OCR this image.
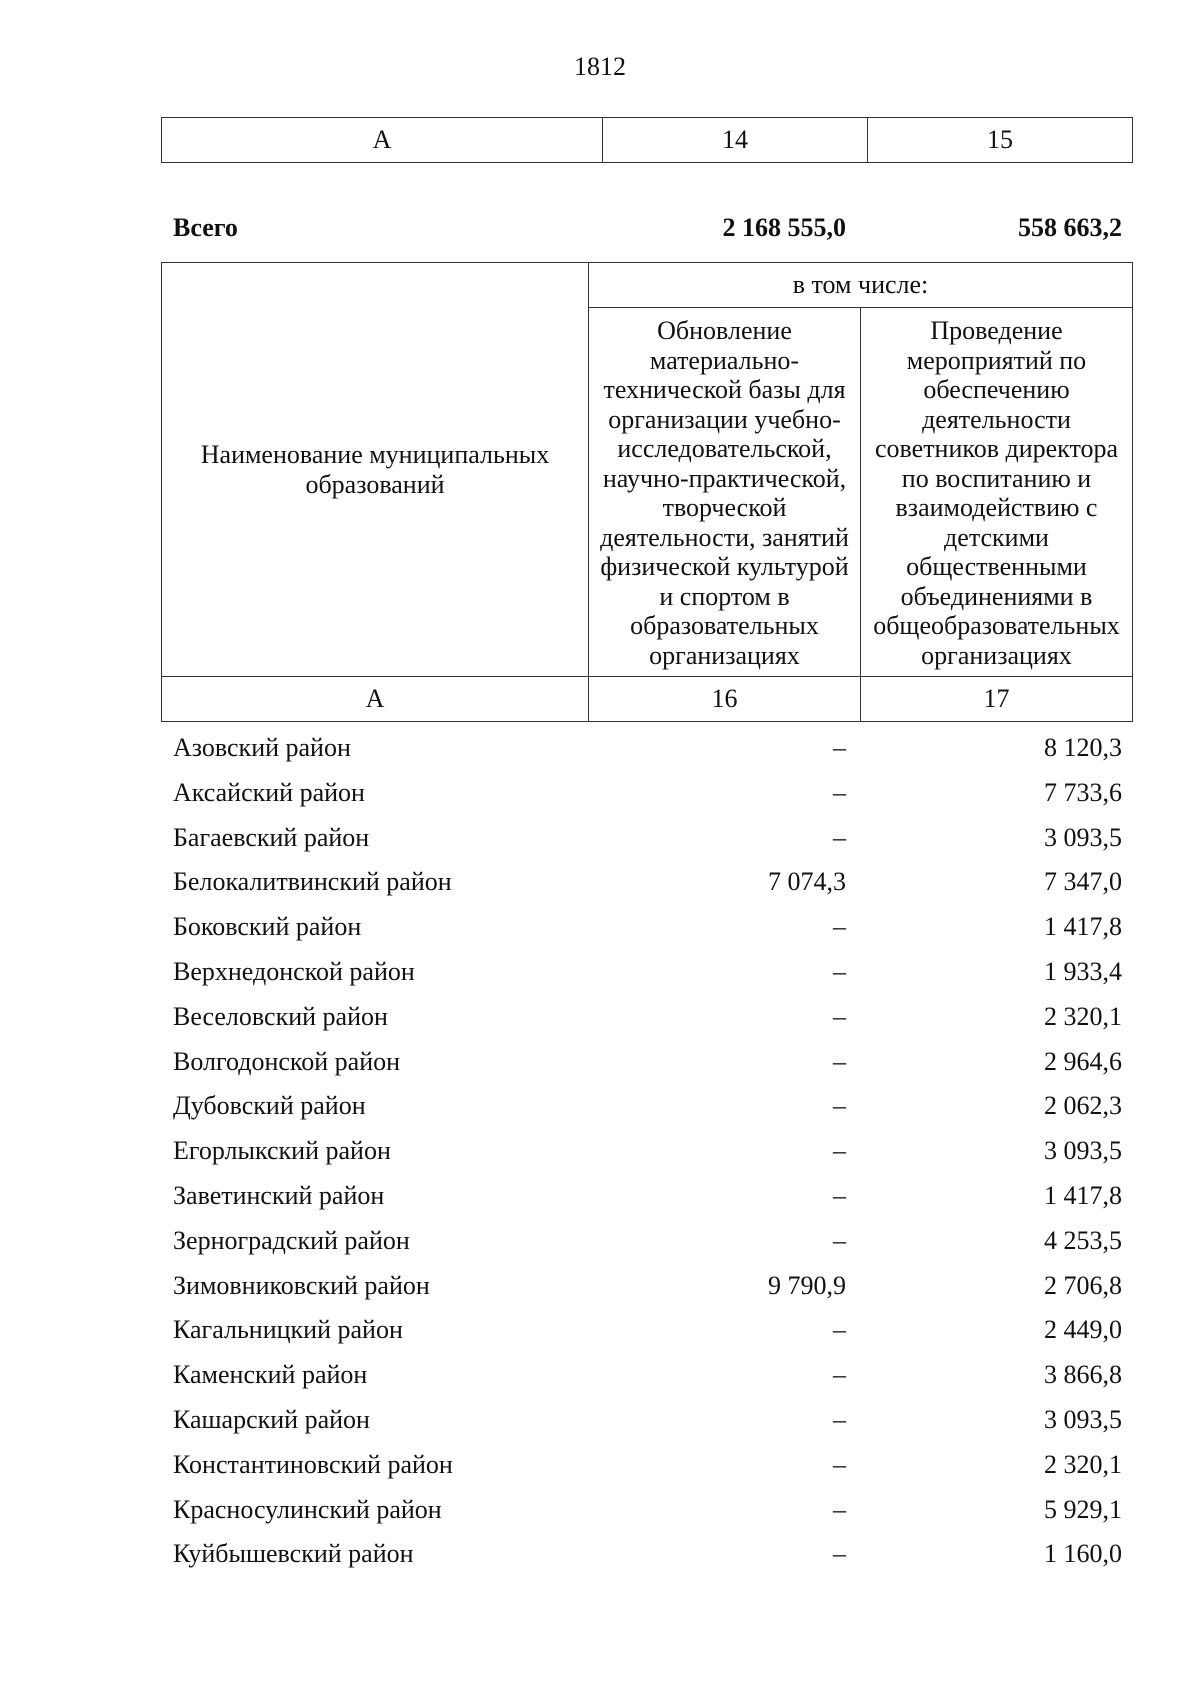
1812
А	14	15
Всего	2 168 555,0	558 663,2
Наименование муниципальных образований	в том числе:	
	Обновление материально-технической базы для организации учебно-исследовательской, научно-практической, творческой деятельности, занятий физической культурой и спортом в образовательных организациях	Проведение мероприятий по обеспечению деятельности советников директора по воспитанию и взаимодействию с детскими общественными объединениями в общеобразовательных организациях
А	16	17
Азовский район	–	8 120,3
Аксайский район	–	7 733,6
Багаевский район	–	3 093,5
Белокалитвинский район	7 074,3	7 347,0
Боковский район	–	1 417,8
Верхнедонской район	–	1 933,4
Веселовский район	–	2 320,1
Волгодонской район	–	2 964,6
Дубовский район	–	2 062,3
Егорлыкский район	–	3 093,5
Заветинский район	–	1 417,8
Зерноградский район	–	4 253,5
Зимовниковский район	9 790,9	2 706,8
Кагальницкий район	–	2 449,0
Каменский район	–	3 866,8
Кашарский район	–	3 093,5
Константиновский район	–	2 320,1
Красносулинский район	–	5 929,1
Куйбышевский район	–	1 160,0
